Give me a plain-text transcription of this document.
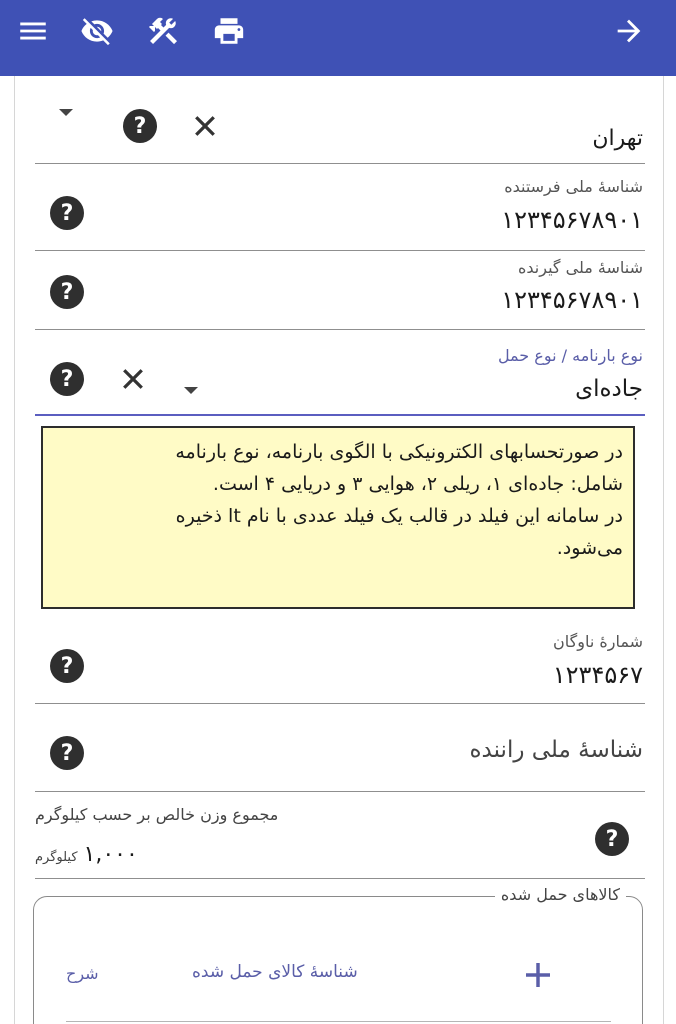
?	تهران
?
شناسهٔ ملی فرستنده
۱۲۳۴۵۶۷۸۹۰۱
?
شناسهٔ ملی گیرنده
۱۲۳۴۵۶۷۸۹۰۱
?
نوع بارنامه / نوع حمل
جاده‌ای
در صورتحسابهای الکترونیکی با الگوی بارنامه، نوع بارنامه
شامل: جاده‌ای ۱، ریلی ۲، هوایی ۳ و دریایی ۴ است.
در سامانه این فیلد در قالب یک فیلد عددی با نام lt ذخیره
می‌شود.
?
شمارهٔ ناوگان
۱۲۳۴۵۶۷
?	شناسهٔ ملی راننده
مجموع وزن خالص بر حسب کیلوگرم
۱,۰۰۰
کیلوگرم
?
کالاهای حمل شده
شناسهٔ کالای حمل شده
شرح
